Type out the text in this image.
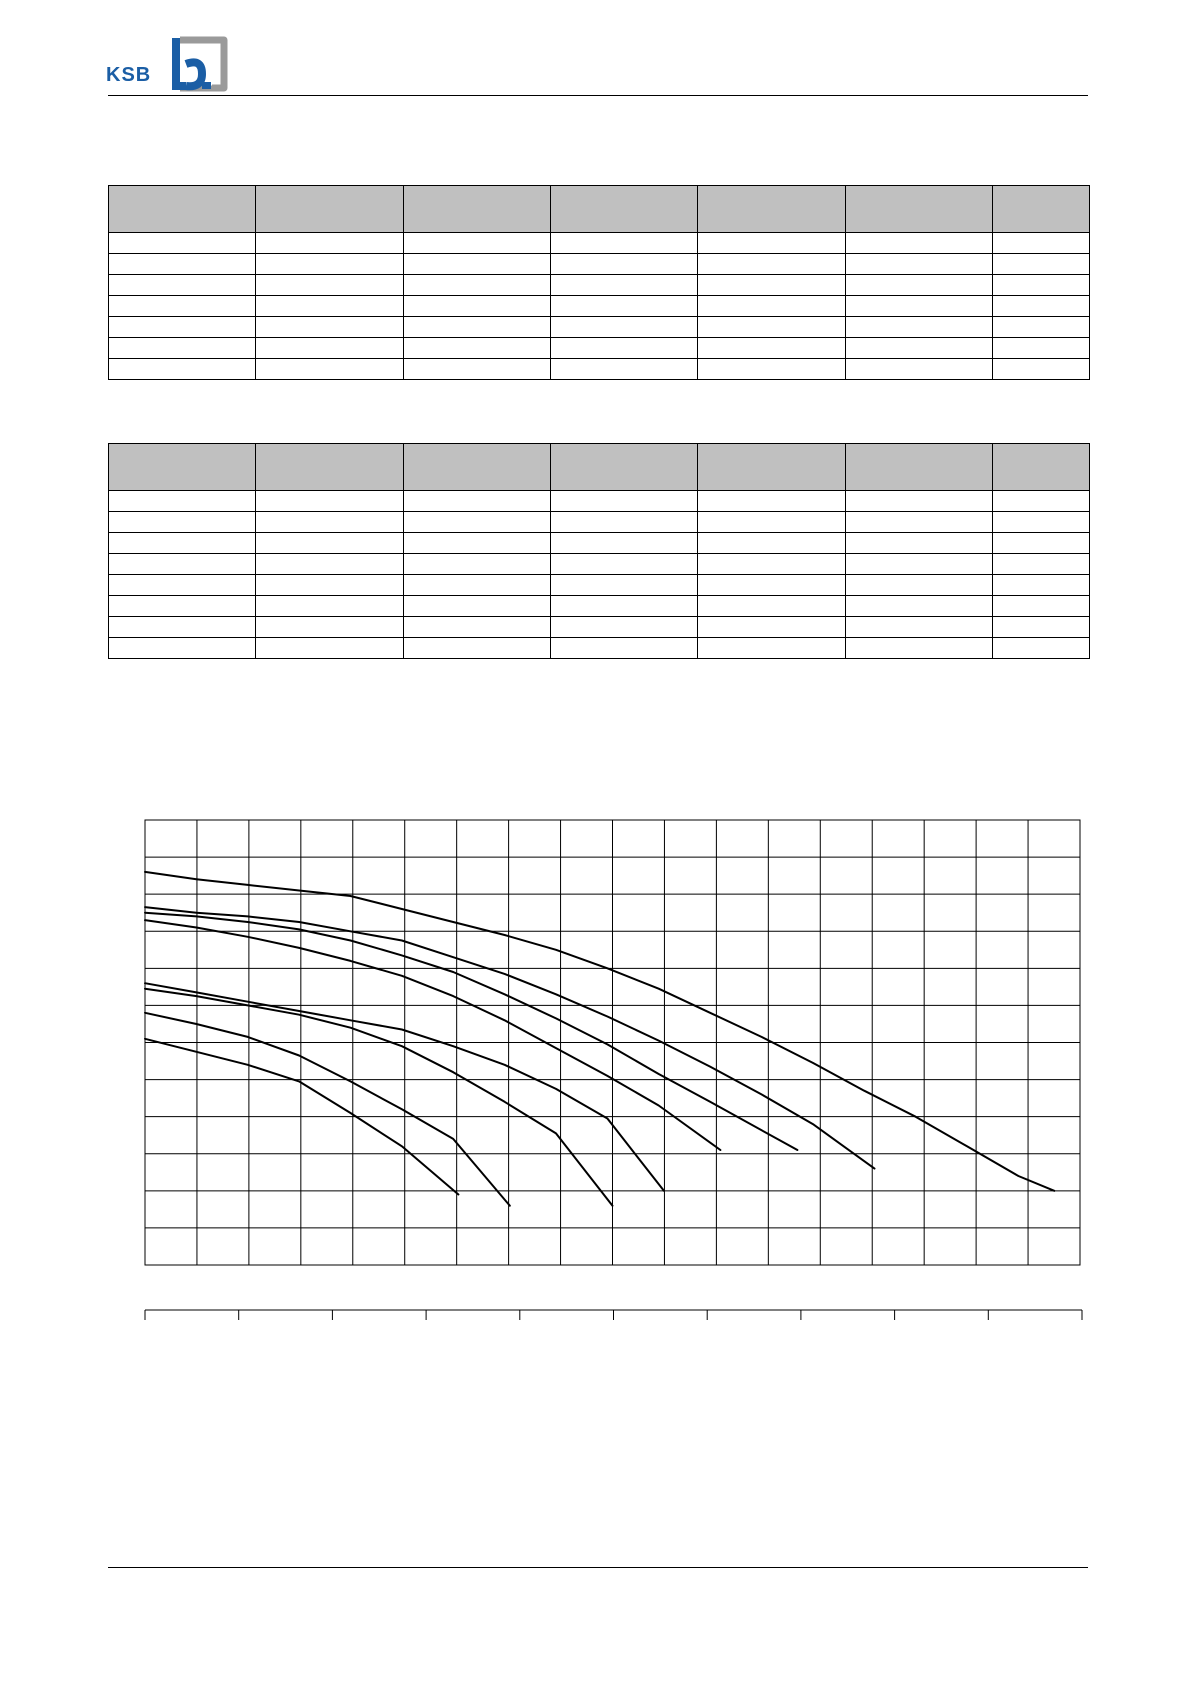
KSB
